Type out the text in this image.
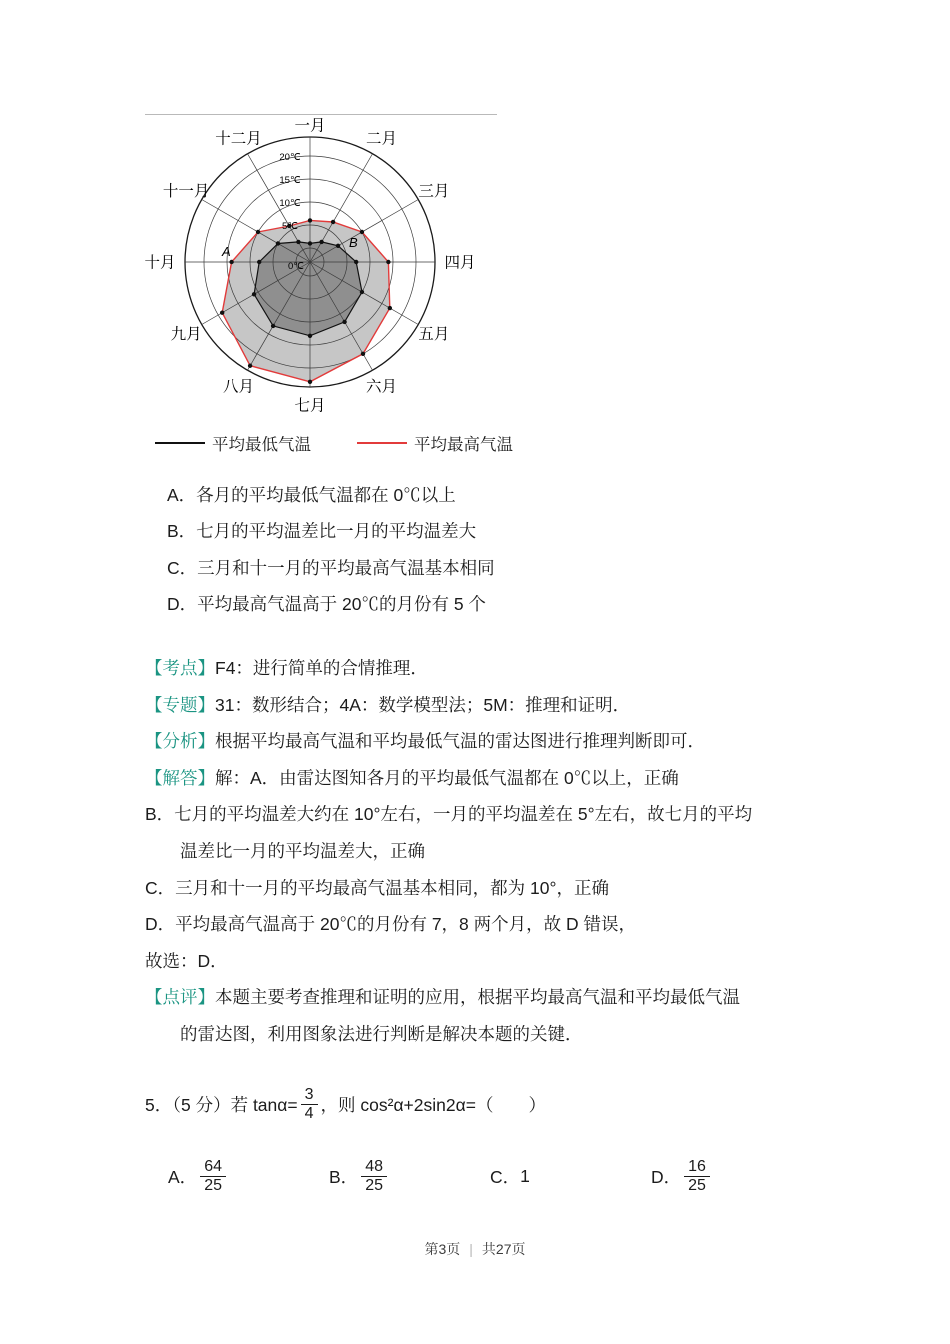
一月
二月
三月
四月
五月
六月
七月
八月
九月
十月
十一月
十二月
0℃
5℃
10℃
15℃
20℃
A
B
平均最低气温	平均最高气温
A．各月的平均最低气温都在 0℃以上
B．七月的平均温差比一月的平均温差大
C．三月和十一月的平均最高气温基本相同
D．平均最高气温高于 20℃的月份有 5 个
【考点】F4：进行简单的合情推理．
【专题】31：数形结合；4A：数学模型法；5M：推理和证明．
【分析】根据平均最高气温和平均最低气温的雷达图进行推理判断即可．
【解答】解：A．由雷达图知各月的平均最低气温都在 0℃以上，正确
B．七月的平均温差大约在 10°左右，一月的平均温差在 5°左右，故七月的平均
温差比一月的平均温差大，正确
C．三月和十一月的平均最高气温基本相同，都为 10°，正确
D．平均最高气温高于 20℃的月份有 7，8 两个月，故 D 错误，
故选：D．
【点评】本题主要考查推理和证明的应用，根据平均最高气温和平均最低气温
的雷达图，利用图象法进行判断是解决本题的关键．
5．（5 分）若 $\tan\alpha= \frac{3}{4}$ ，则 cos²α+2sin2α=（　　）
A． $\frac{64}{25}$	B． $\frac{48}{25}$	C． 1	D． $\frac{16}{25}$
第3页 | 共27页
